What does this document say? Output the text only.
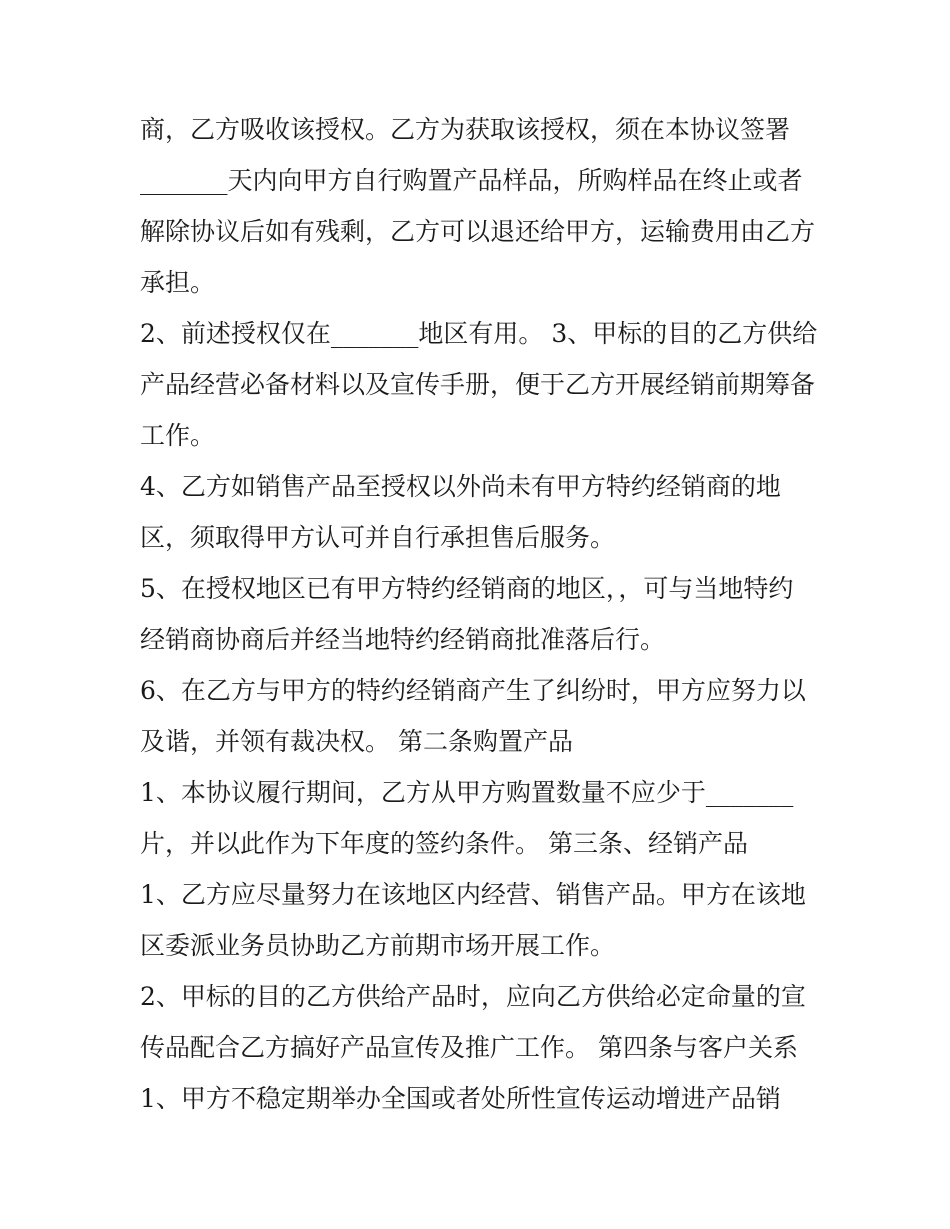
商，乙方吸收该授权。乙方为获取该授权，须在本协议签署
_______天内向甲方自行购置产品样品，所购样品在终止或者
解除协议后如有残剩，乙方可以退还给甲方，运输费用由乙方
承担。
2、前述授权仅在_______地区有用。 3、甲标的目的乙方供给
产品经营必备材料以及宣传手册，便于乙方开展经销前期筹备
工作。
4、乙方如销售产品至授权以外尚未有甲方特约经销商的地
区，须取得甲方认可并自行承担售后服务。
5、在授权地区已有甲方特约经销商的地区，，可与当地特约
经销商协商后并经当地特约经销商批准落后行。
6、在乙方与甲方的特约经销商产生了纠纷时，甲方应努力以
及谐，并领有裁决权。 第二条购置产品
1、本协议履行期间，乙方从甲方购置数量不应少于_______
片，并以此作为下年度的签约条件。 第三条、经销产品
1、乙方应尽量努力在该地区内经营、销售产品。甲方在该地
区委派业务员协助乙方前期市场开展工作。
2、甲标的目的乙方供给产品时，应向乙方供给必定命量的宣
传品配合乙方搞好产品宣传及推广工作。 第四条与客户关系
1、甲方不稳定期举办全国或者处所性宣传运动增进产品销
